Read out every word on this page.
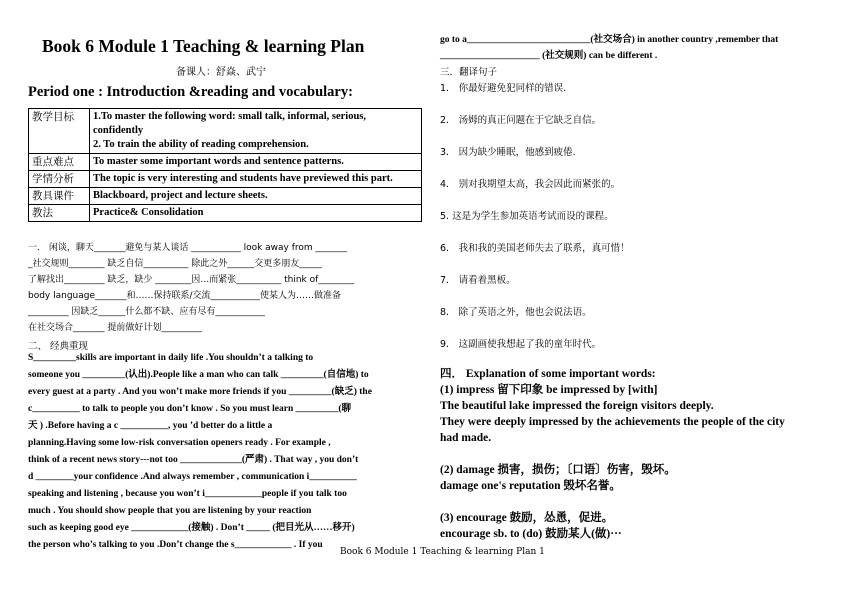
Book 6 Module 1 Teaching & learning Plan
备课人：舒焱、武宁
Period one : Introduction &reading and vocabulary:
教学目标	1.To master the following word: small talk, informal, serious, confidently
2. To train the ability of reading comprehension.
重点难点	To master some important words and sentence patterns.
学情分析	The topic is very interesting and students have previewed this part.
教具课件	Blackboard, project and lecture sheets.
教法	Practice& Consolidation
一． 闲谈，聊天_______避免与某人谈话 ___________ look away from _______
_社交规则________ 缺乏自信__________ 除此之外______交更多朋友_____
了解找出_________ 缺乏，缺少 ________因…而紧张__________ think of________
body language_______和……保持联系/交流___________使某人为……做准备
_________ 因缺乏______什么都不缺、应有尽有___________
在社交场合_______ 提前做好计划_________
二、 经典重现
S_________skills are important in daily life .You shouldn’t a talking to
someone you _________(认出).People like a man who can talk _________(自信地) to
every guest at a party . And you won’t make more friends if you _________(缺乏) the
c__________ to talk to people you don’t know . So you must learn _________(聊
天 ) .Before having a c __________, you ’d better do a little a
planning.Having some low-risk conversation openers ready . For example ,
think of a recent news story---not too _____________(严肃) . That way , you don’t
d ________your confidence .And always remember , communication i__________
speaking and listening , because you won’t i____________people if you talk too
much . You should show people that you are listening by your reaction
such as keeping good eye ____________(接触) . Don’t _____ (把目光从……移开)
the person who’s talking to you .Don’t change the s____________ . If you
go to a__________________________(社交场合) in another country ,remember that
_____________________ (社交规则) can be different .
三．翻译句子
1． 你最好避免犯同样的错误.
2． 汤姆的真正问题在于它缺乏自信。
3． 因为缺少睡眠，他感到疲倦.
4． 别对我期望太高，我会因此而紧张的。
5. 这是为学生参加英语考试而设的课程。
6． 我和我的美国老师失去了联系，真可惜！
7． 请看着黑板。
8． 除了英语之外，他也会说法语。
9． 这副画使我想起了我的童年时代。
四． Explanation of some important words:
(1) impress 留下印象 be impressed by [with]
The beautiful lake impressed the foreign visitors deeply.
They were deeply impressed by the achievements the people of the city
had made.
(2) damage 损害，损伤；〔口语〕伤害，毁坏。
damage one's reputation 毁坏名誉。
(3) encourage 鼓励，怂恿，促进。
encourage sb. to (do) 鼓励某人(做)···
Book 6 Module 1 Teaching & learning Plan 1
